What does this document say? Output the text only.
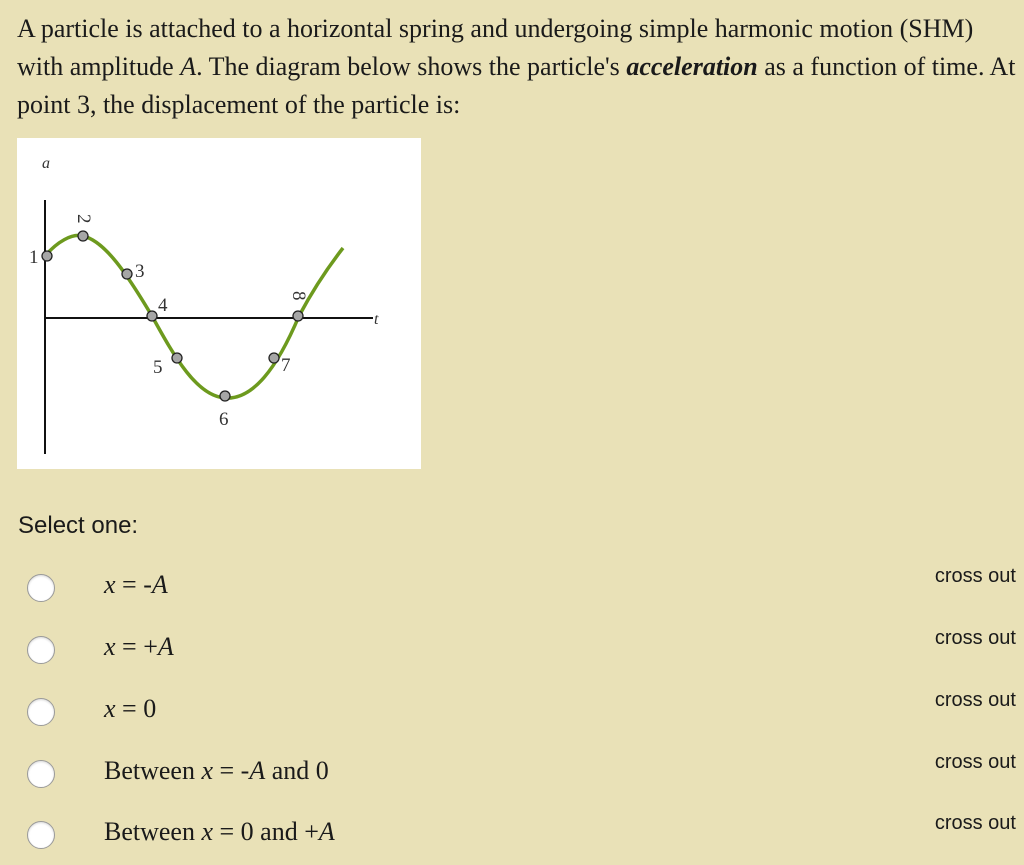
A particle is attached to a horizontal spring and undergoing simple harmonic motion (SHM) with amplitude A. The diagram below shows the particle's acceleration as a function of time. At point 3, the displacement of the particle is:

a
t
1
2
3
4
5
6
7
8
Select one:
x = -A	cross out
x = +A	cross out
x = 0	cross out
Between x = -A and 0	cross out
Between x = 0 and +A	cross out
